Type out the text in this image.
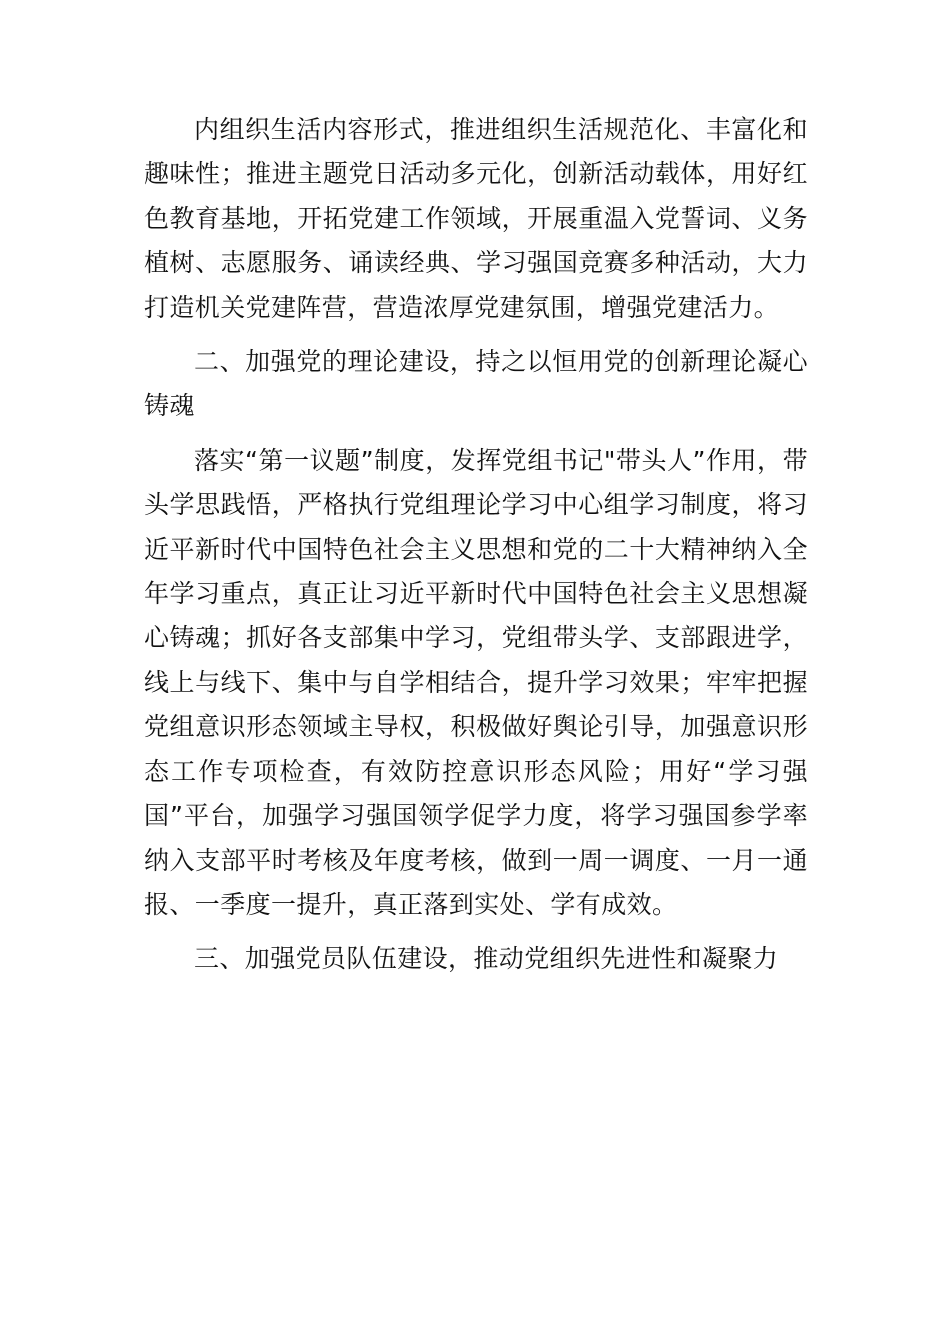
内组织生活内容形式，推进组织生活规范化、丰富化和趣味性；推进主题党日活动多元化，创新活动载体，用好红色教育基地，开拓党建工作领域，开展重温入党誓词、义务植树、志愿服务、诵读经典、学习强国竞赛多种活动，大力打造机关党建阵营，营造浓厚党建氛围，增强党建活力。

二、加强党的理论建设，持之以恒用党的创新理论凝心铸魂

落实“第一议题”制度，发挥党组书记"带头人”作用，带头学思践悟，严格执行党组理论学习中心组学习制度，将习近平新时代中国特色社会主义思想和党的二十大精神纳入全年学习重点，真正让习近平新时代中国特色社会主义思想凝心铸魂；抓好各支部集中学习，党组带头学、支部跟进学，线上与线下、集中与自学相结合，提升学习效果；牢牢把握党组意识形态领域主导权，积极做好舆论引导，加强意识形态工作专项检查，有效防控意识形态风险；用好“学习强国”平台，加强学习强国领学促学力度，将学习强国参学率纳入支部平时考核及年度考核，做到一周一调度、一月一通报、一季度一提升，真正落到实处、学有成效。

三、加强党员队伍建设，推动党组织先进性和凝聚力
